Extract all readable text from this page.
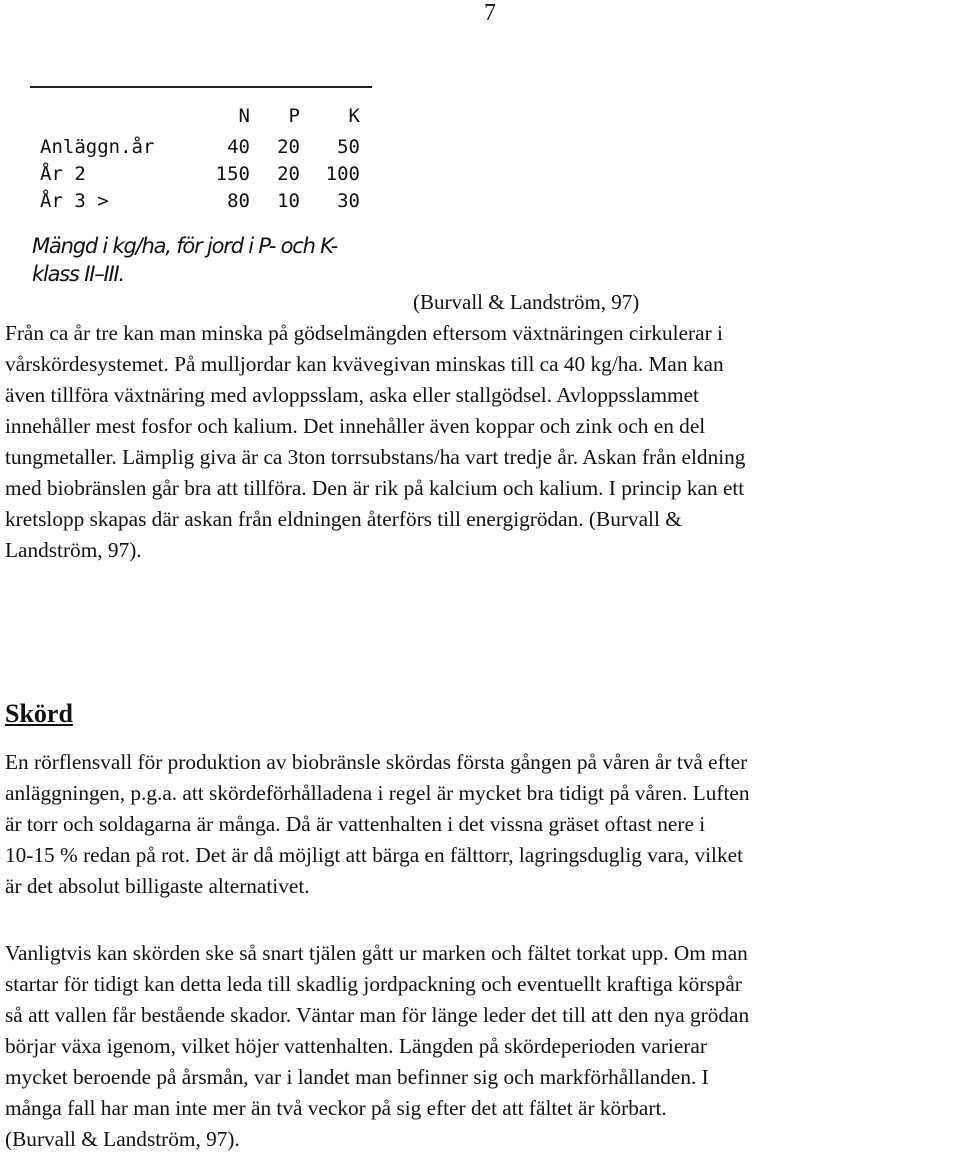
7
N	P	K
Anläggn.år	40	20	50
År 2	150	20	100
År 3 >	80	10	30
Mängd i kg/ha, för jord i P- och K-
klass II–III.
(Burvall & Landström, 97)
Från ca år tre kan man minska på gödselmängden eftersom växtnäringen cirkulerar i
vårskördesystemet. På mulljordar kan kvävegivan minskas till ca 40 kg/ha. Man kan
även tillföra växtnäring med avloppsslam, aska eller stallgödsel. Avloppsslammet
innehåller mest fosfor och kalium. Det innehåller även koppar och zink och en del
tungmetaller. Lämplig giva är ca 3ton torrsubstans/ha vart tredje år. Askan från eldning
med biobränslen går bra att tillföra. Den är rik på kalcium och kalium. I princip kan ett
kretslopp skapas där askan från eldningen återförs till energigrödan. (Burvall &
Landström, 97).
Skörd
En rörflensvall för produktion av biobränsle skördas första gången på våren år två efter
anläggningen, p.g.a. att skördeförhålladena i regel är mycket bra tidigt på våren. Luften
är torr och soldagarna är många. Då är vattenhalten i det vissna gräset oftast nere i
10-15 % redan på rot. Det är då möjligt att bärga en fälttorr, lagringsduglig vara, vilket
är det absolut billigaste alternativet.
Vanligtvis kan skörden ske så snart tjälen gått ur marken och fältet torkat upp. Om man
startar för tidigt kan detta leda till skadlig jordpackning och eventuellt kraftiga körspår
så att vallen får bestående skador. Väntar man för länge leder det till att den nya grödan
börjar växa igenom, vilket höjer vattenhalten. Längden på skördeperioden varierar
mycket beroende på årsmån, var i landet man befinner sig och markförhållanden. I
många fall har man inte mer än två veckor på sig efter det att fältet är körbart.
(Burvall & Landström, 97).
